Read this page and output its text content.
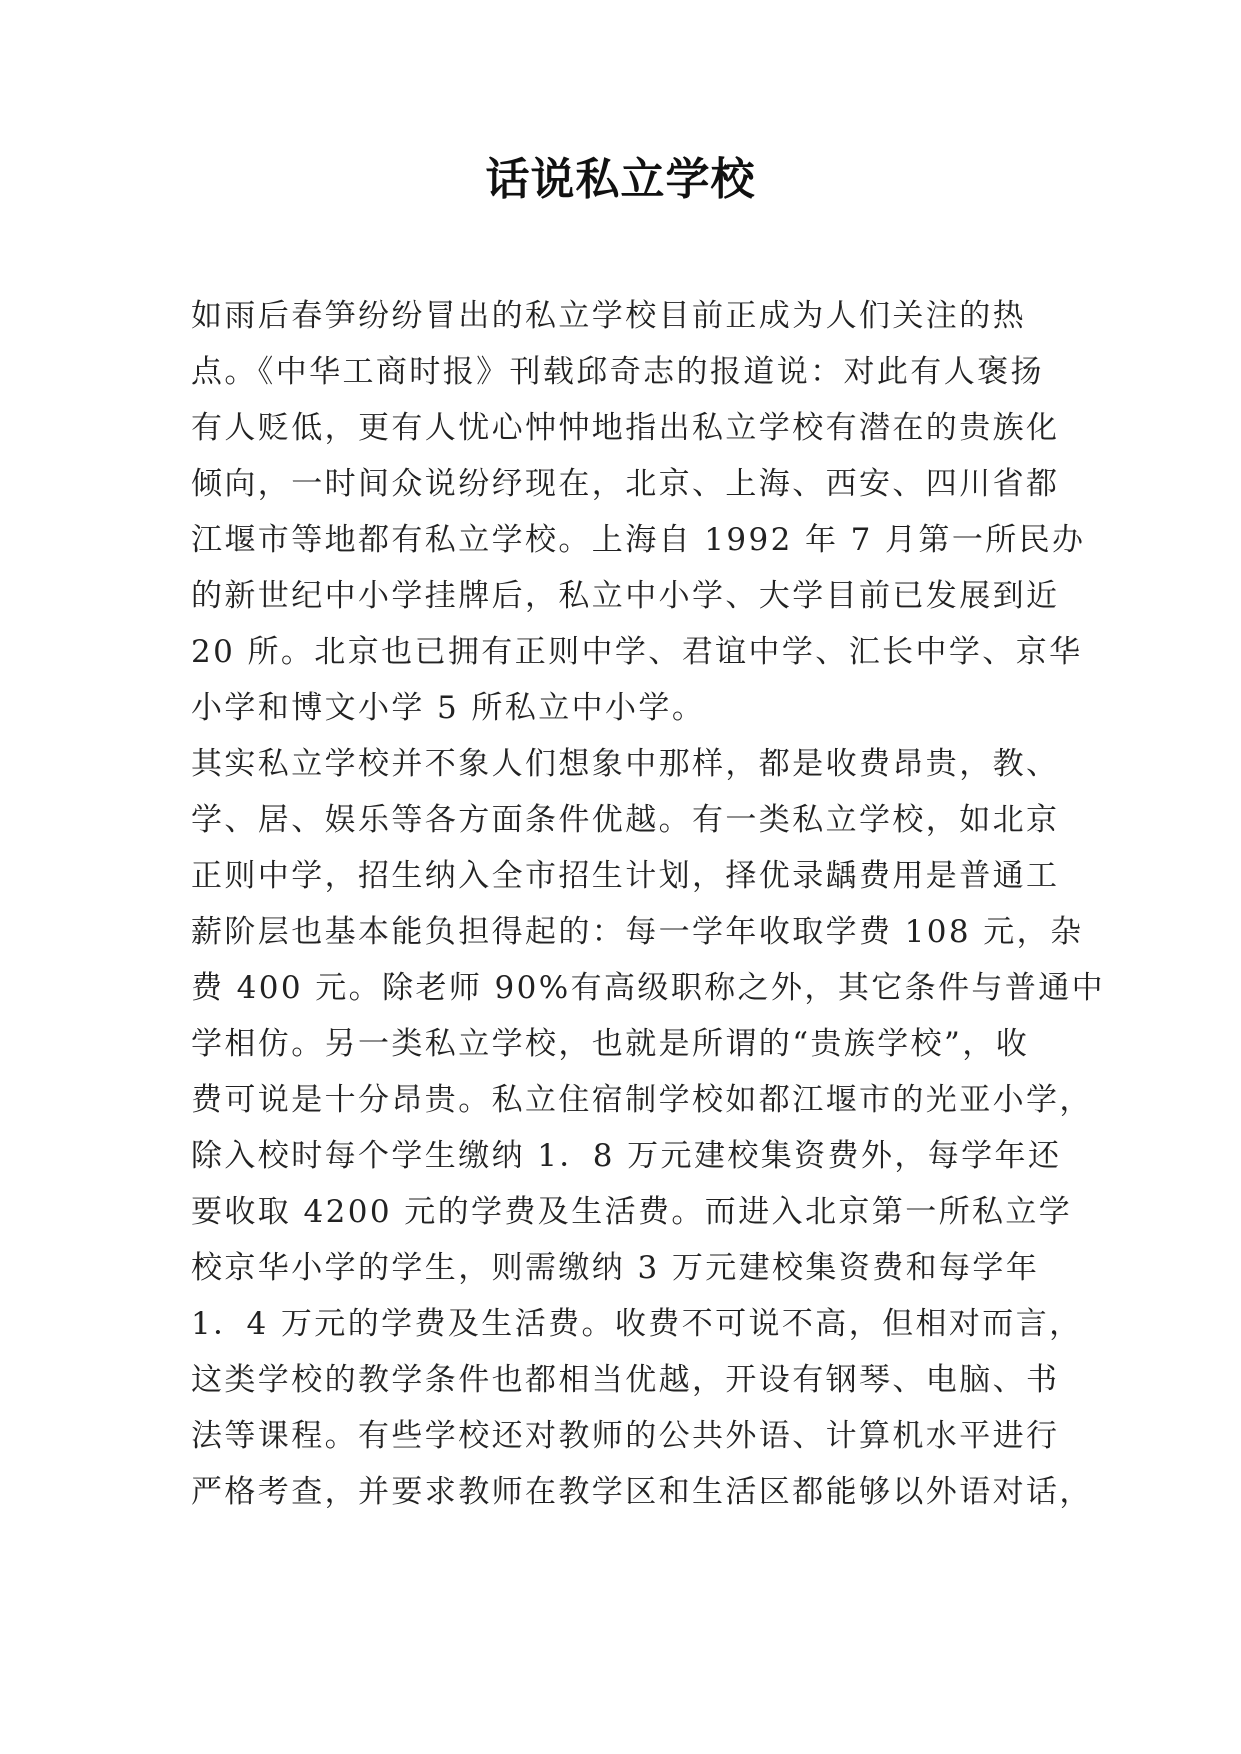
话说私立学校
如雨后春笋纷纷冒出的私立学校目前正成为人们关注的热
点。《中华工商时报》刊载邱奇志的报道说：对此有人褒扬
有人贬低，更有人忧心忡忡地指出私立学校有潜在的贵族化
倾向，一时间众说纷纾现在，北京、上海、西安、四川省都
江堰市等地都有私立学校。上海自 1992 年 7 月第一所民办
的新世纪中小学挂牌后，私立中小学、大学目前已发展到近
20 所。北京也已拥有正则中学、君谊中学、汇长中学、京华
小学和博文小学 5 所私立中小学。
其实私立学校并不象人们想象中那样，都是收费昂贵，教、
学、居、娱乐等各方面条件优越。有一类私立学校，如北京
正则中学，招生纳入全市招生计划，择优录龋费用是普通工
薪阶层也基本能负担得起的：每一学年收取学费 108 元，杂
费 400 元。除老师 90%有高级职称之外，其它条件与普通中
学相仿。另一类私立学校，也就是所谓的“贵族学校”，收
费可说是十分昂贵。私立住宿制学校如都江堰市的光亚小学，
除入校时每个学生缴纳 1．8 万元建校集资费外，每学年还
要收取 4200 元的学费及生活费。而进入北京第一所私立学
校京华小学的学生，则需缴纳 3 万元建校集资费和每学年
1．4 万元的学费及生活费。收费不可说不高，但相对而言，
这类学校的教学条件也都相当优越，开设有钢琴、电脑、书
法等课程。有些学校还对教师的公共外语、计算机水平进行
严格考查，并要求教师在教学区和生活区都能够以外语对话，
